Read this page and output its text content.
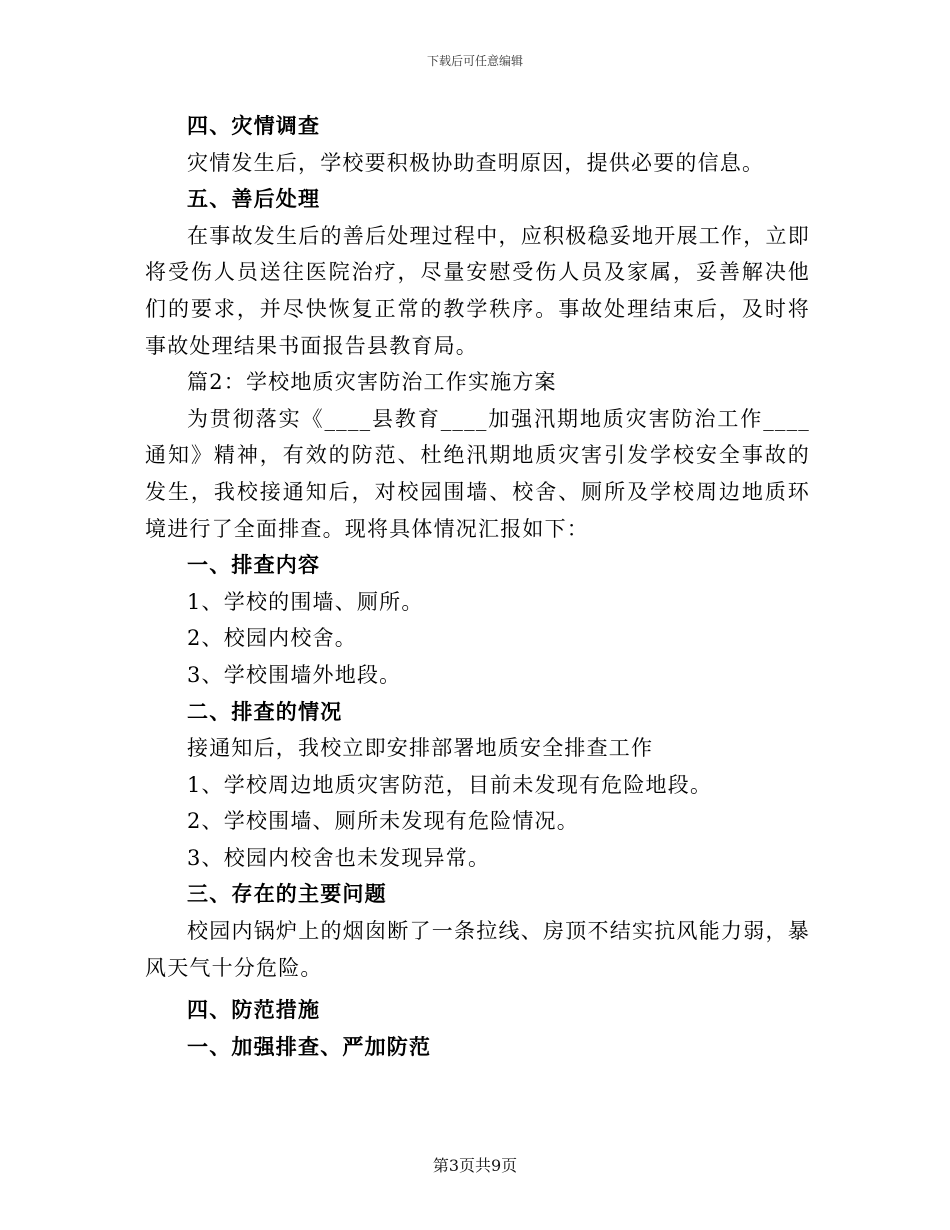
下载后可任意编辑

四、灾情调查

灾情发生后，学校要积极协助查明原因，提供必要的信息。

五、善后处理

在事故发生后的善后处理过程中，应积极稳妥地开展工作，立即将受伤人员送往医院治疗，尽量安慰受伤人员及家属，妥善解决他们的要求，并尽快恢复正常的教学秩序。事故处理结束后，及时将事故处理结果书面报告县教育局。

篇2：学校地质灾害防治工作实施方案

为贯彻落实《____县教育____加强汛期地质灾害防治工作____通知》精神，有效的防范、杜绝汛期地质灾害引发学校安全事故的发生，我校接通知后，对校园围墙、校舍、厕所及学校周边地质环境进行了全面排查。现将具体情况汇报如下：

一、排查内容

1、学校的围墙、厕所。

2、校园内校舍。

3、学校围墙外地段。

二、排查的情况

接通知后，我校立即安排部署地质安全排查工作

1、学校周边地质灾害防范，目前未发现有危险地段。

2、学校围墙、厕所未发现有危险情况。

3、校园内校舍也未发现异常。

三、存在的主要问题

校园内锅炉上的烟囱断了一条拉线、房顶不结实抗风能力弱，暴风天气十分危险。

四、防范措施

一、加强排查、严加防范

第3页共9页
